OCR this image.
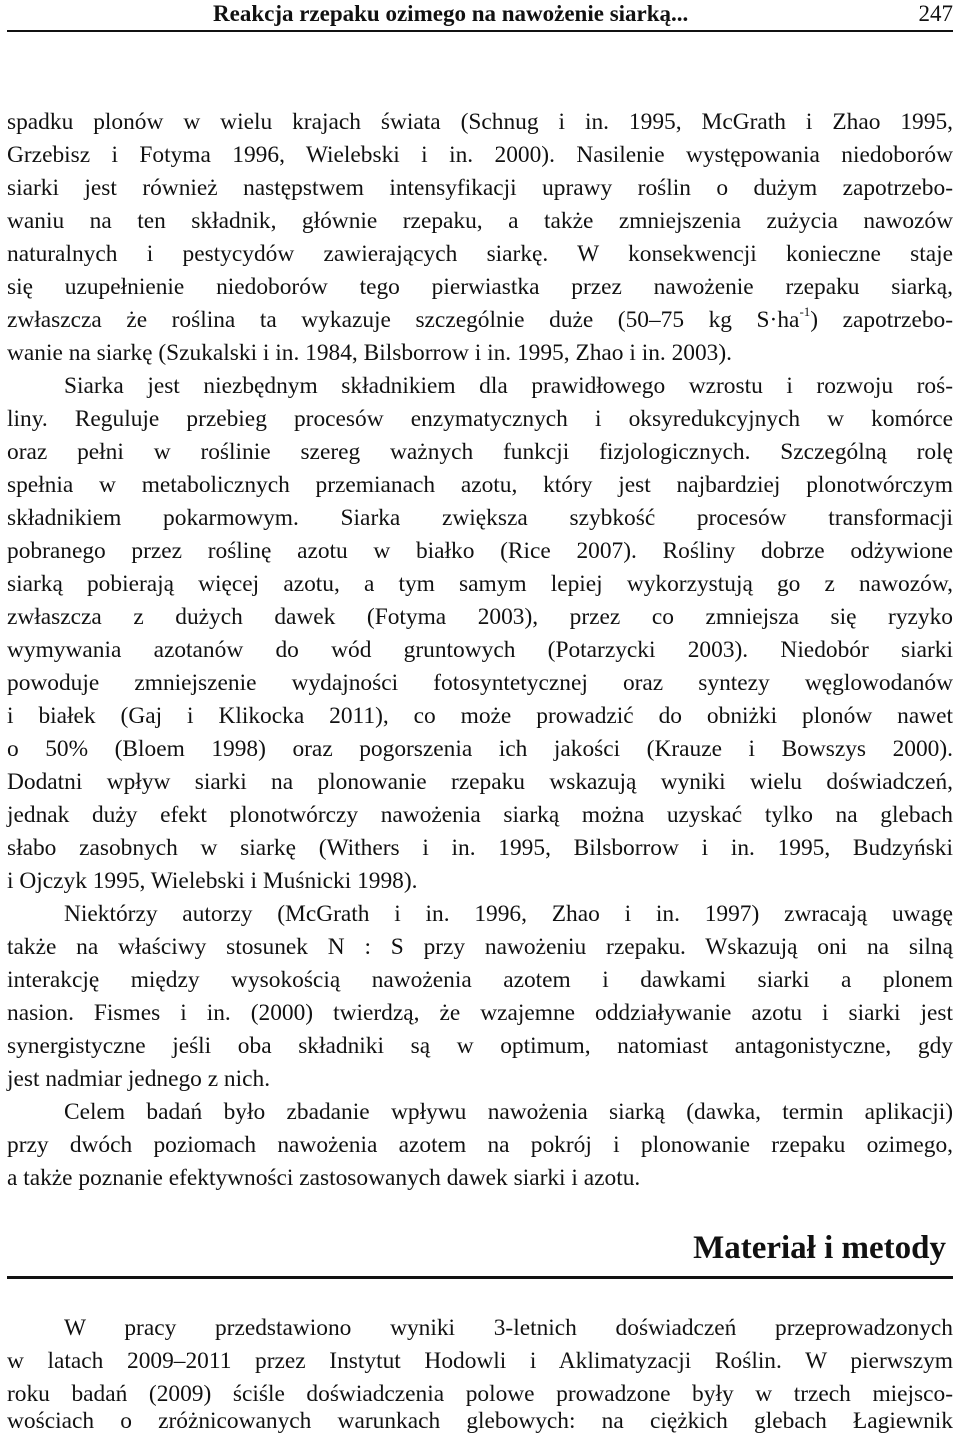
Reakcja rzepaku ozimego na nawożenie siarką...	247
spadku plonów w wielu krajach świata (Schnug i in. 1995, McGrath i Zhao 1995,
Grzebisz i Fotyma 1996, Wielebski i in. 2000). Nasilenie występowania niedoborów
siarki jest również następstwem intensyfikacji uprawy roślin o dużym zapotrzebo-
waniu na ten składnik, głównie rzepaku, a także zmniejszenia zużycia nawozów
naturalnych i pestycydów zawierających siarkę. W konsekwencji konieczne staje
się uzupełnienie niedoborów tego pierwiastka przez nawożenie rzepaku siarką,
zwłaszcza że roślina ta wykazuje szczególnie duże (50–75 kg $S\cdot ha^{-1}$) zapotrzebo-
wanie na siarkę (Szukalski i in. 1984, Bilsborrow i in. 1995, Zhao i in. 2003).
Siarka jest niezbędnym składnikiem dla prawidłowego wzrostu i rozwoju roś-
liny. Reguluje przebieg procesów enzymatycznych i oksyredukcyjnych w komórce
oraz pełni w roślinie szereg ważnych funkcji fizjologicznych. Szczególną rolę
spełnia w metabolicznych przemianach azotu, który jest najbardziej plonotwórczym
składnikiem pokarmowym. Siarka zwiększa szybkość procesów transformacji
pobranego przez roślinę azotu w białko (Rice 2007). Rośliny dobrze odżywione
siarką pobierają więcej azotu, a tym samym lepiej wykorzystują go z nawozów,
zwłaszcza z dużych dawek (Fotyma 2003), przez co zmniejsza się ryzyko
wymywania azotanów do wód gruntowych (Potarzycki 2003). Niedobór siarki
powoduje zmniejszenie wydajności fotosyntetycznej oraz syntezy węglowodanów
i białek (Gaj i Klikocka 2011), co może prowadzić do obniżki plonów nawet
o 50% (Bloem 1998) oraz pogorszenia ich jakości (Krauze i Bowszys 2000).
Dodatni wpływ siarki na plonowanie rzepaku wskazują wyniki wielu doświadczeń,
jednak duży efekt plonotwórczy nawożenia siarką można uzyskać tylko na glebach
słabo zasobnych w siarkę (Withers i in. 1995, Bilsborrow i in. 1995, Budzyński
i Ojczyk 1995, Wielebski i Muśnicki 1998).
Niektórzy autorzy (McGrath i in. 1996, Zhao i in. 1997) zwracają uwagę
także na właściwy stosunek N : S przy nawożeniu rzepaku. Wskazują oni na silną
interakcję między wysokością nawożenia azotem i dawkami siarki a plonem
nasion. Fismes i in. (2000) twierdzą, że wzajemne oddziaływanie azotu i siarki jest
synergistyczne jeśli oba składniki są w optimum, natomiast antagonistyczne, gdy
jest nadmiar jednego z nich.
Celem badań było zbadanie wpływu nawożenia siarką (dawka, termin aplikacji)
przy dwóch poziomach nawożenia azotem na pokrój i plonowanie rzepaku ozimego,
a także poznanie efektywności zastosowanych dawek siarki i azotu.
Materiał i metody
W pracy przedstawiono wyniki 3-letnich doświadczeń przeprowadzonych
w latach 2009–2011 przez Instytut Hodowli i Aklimatyzacji Roślin. W pierwszym
roku badań (2009) ściśle doświadczenia polowe prowadzone były w trzech miejsco-
wościach o zróżnicowanych warunkach glebowych: na ciężkich glebach Łagiewnik
